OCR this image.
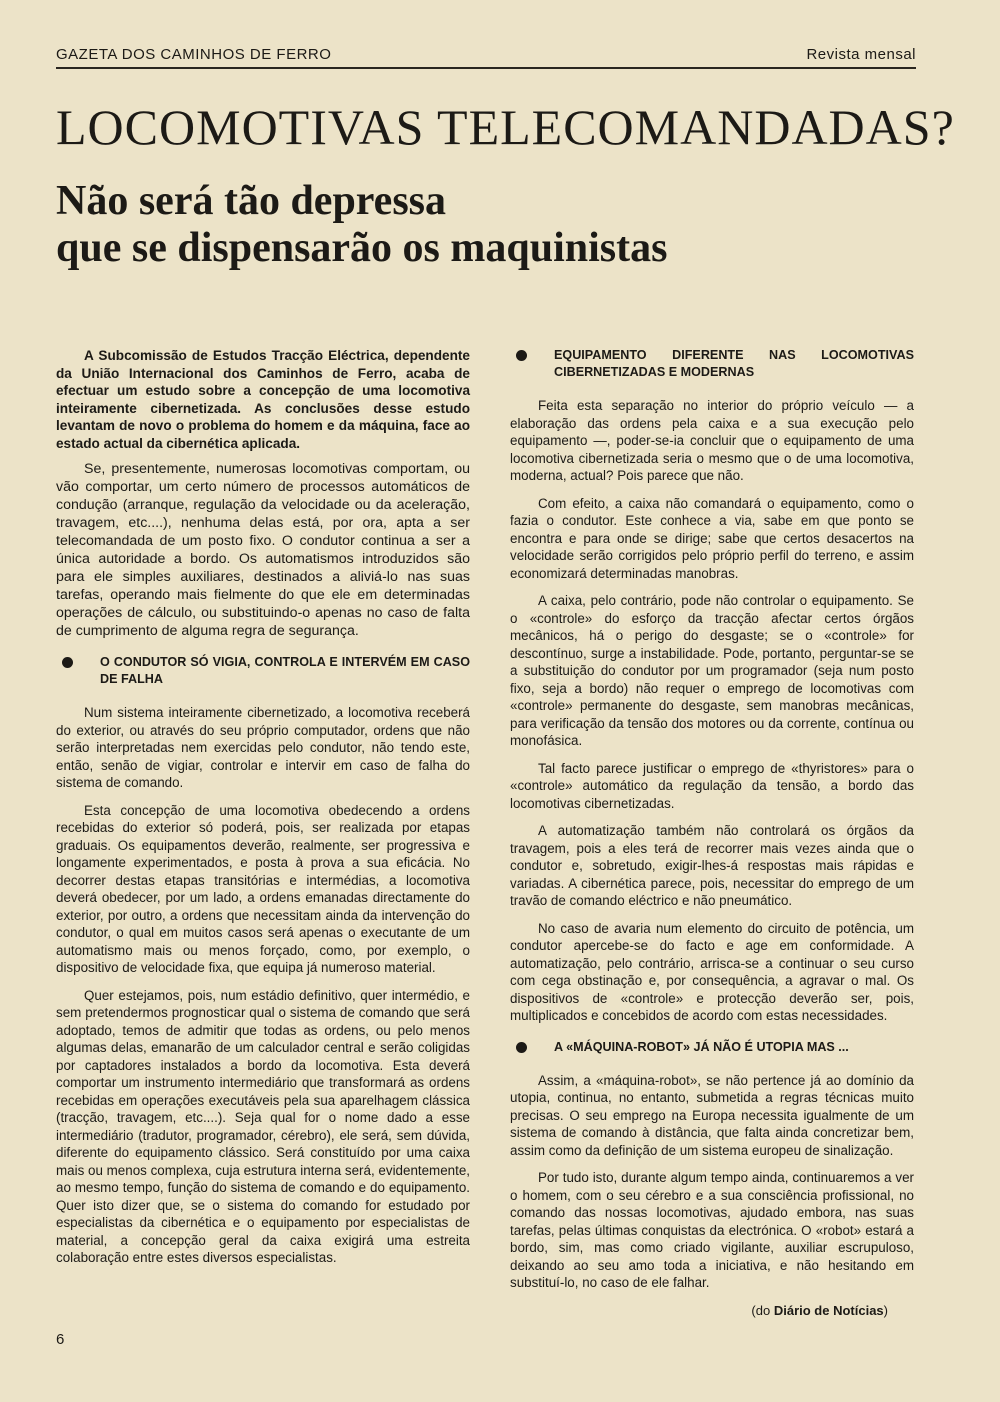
GAZETA DOS CAMINHOS DE FERRO	Revista mensal
LOCOMOTIVAS TELECOMANDADAS?
Não será tão depressa
que se dispensarão os maquinistas

A Subcomissão de Estudos Tracção Eléctrica, dependente da União Internacional dos Caminhos de Ferro, acaba de efectuar um estudo sobre a concepção de uma locomotiva inteiramente cibernetizada. As conclusões desse estudo levantam de novo o problema do homem e da máquina, face ao estado actual da cibernética aplicada.

Se, presentemente, numerosas locomotivas comportam, ou vão comportar, um certo número de processos automáticos de condução (arranque, regulação da velocidade ou da aceleração, travagem, etc....), nenhuma delas está, por ora, apta a ser telecomandada de um posto fixo. O condutor continua a ser a única autoridade a bordo. Os automatismos introduzidos são para ele simples auxiliares, destinados a aliviá-lo nas suas tarefas, operando mais fielmente do que ele em determinadas operações de cálculo, ou substituindo-o apenas no caso de falta de cumprimento de alguma regra de segurança.

O CONDUTOR SÓ VIGIA, CONTROLA E INTERVÉM EM CASO DE FALHA

Num sistema inteiramente cibernetizado, a locomotiva receberá do exterior, ou através do seu próprio computador, ordens que não serão interpretadas nem exercidas pelo condutor, não tendo este, então, senão de vigiar, controlar e intervir em caso de falha do sistema de comando.

Esta concepção de uma locomotiva obedecendo a ordens recebidas do exterior só poderá, pois, ser realizada por etapas graduais. Os equipamentos deverão, realmente, ser progressiva e longamente experimentados, e posta à prova a sua eficácia. No decorrer destas etapas transitórias e intermédias, a locomotiva deverá obedecer, por um lado, a ordens emanadas directamente do exterior, por outro, a ordens que necessitam ainda da intervenção do condutor, o qual em muitos casos será apenas o executante de um automatismo mais ou menos forçado, como, por exemplo, o dispositivo de velocidade fixa, que equipa já numeroso material.

Quer estejamos, pois, num estádio definitivo, quer intermédio, e sem pretendermos prognosticar qual o sistema de comando que será adoptado, temos de admitir que todas as ordens, ou pelo menos algumas delas, emanarão de um calculador central e serão coligidas por captadores instalados a bordo da locomotiva. Esta deverá comportar um instrumento intermediário que transformará as ordens recebidas em operações executáveis pela sua aparelhagem clássica (tracção, travagem, etc....). Seja qual for o nome dado a esse intermediário (tradutor, programador, cérebro), ele será, sem dúvida, diferente do equipamento clássico. Será constituído por uma caixa mais ou menos complexa, cuja estrutura interna será, evidentemente, ao mesmo tempo, função do sistema de comando e do equipamento. Quer isto dizer que, se o sistema do comando for estudado por especialistas da cibernética e o equipamento por especialistas de material, a concepção geral da caixa exigirá uma estreita colaboração entre estes diversos especialistas.

EQUIPAMENTO DIFERENTE NAS LOCOMOTIVAS CIBERNETIZADAS E MODERNAS

Feita esta separação no interior do próprio veículo — a elaboração das ordens pela caixa e a sua execução pelo equipamento —, poder-se-ia concluir que o equipamento de uma locomotiva cibernetizada seria o mesmo que o de uma locomotiva, moderna, actual? Pois parece que não.

Com efeito, a caixa não comandará o equipamento, como o fazia o condutor. Este conhece a via, sabe em que ponto se encontra e para onde se dirige; sabe que certos desacertos na velocidade serão corrigidos pelo próprio perfil do terreno, e assim economizará determinadas manobras.

A caixa, pelo contrário, pode não controlar o equipamento. Se o «controle» do esforço da tracção afectar certos órgãos mecânicos, há o perigo do desgaste; se o «controle» for descontínuo, surge a instabilidade. Pode, portanto, perguntar-se se a substituição do condutor por um programador (seja num posto fixo, seja a bordo) não requer o emprego de locomotivas com «controle» permanente do desgaste, sem manobras mecânicas, para verificação da tensão dos motores ou da corrente, contínua ou monofásica.

Tal facto parece justificar o emprego de «thyristores» para o «controle» automático da regulação da tensão, a bordo das locomotivas cibernetizadas.

A automatização também não controlará os órgãos da travagem, pois a eles terá de recorrer mais vezes ainda que o condutor e, sobretudo, exigir-lhes-á respostas mais rápidas e variadas. A cibernética parece, pois, necessitar do emprego de um travão de comando eléctrico e não pneumático.

No caso de avaria num elemento do circuito de potência, um condutor apercebe-se do facto e age em conformidade. A automatização, pelo contrário, arrisca-se a continuar o seu curso com cega obstinação e, por consequência, a agravar o mal. Os dispositivos de «controle» e protecção deverão ser, pois, multiplicados e concebidos de acordo com estas necessidades.

A «MÁQUINA-ROBOT» JÁ NÃO É UTOPIA MAS ...

Assim, a «máquina-robot», se não pertence já ao domínio da utopia, continua, no entanto, submetida a regras técnicas muito precisas. O seu emprego na Europa necessita igualmente de um sistema de comando à distância, que falta ainda concretizar bem, assim como da definição de um sistema europeu de sinalização.

Por tudo isto, durante algum tempo ainda, continuaremos a ver o homem, com o seu cérebro e a sua consciência profissional, no comando das nossas locomotivas, ajudado embora, nas suas tarefas, pelas últimas conquistas da electrónica. O «robot» estará a bordo, sim, mas como criado vigilante, auxiliar escrupuloso, deixando ao seu amo toda a iniciativa, e não hesitando em substituí-lo, no caso de ele falhar.

(do Diário de Notícias)
6
